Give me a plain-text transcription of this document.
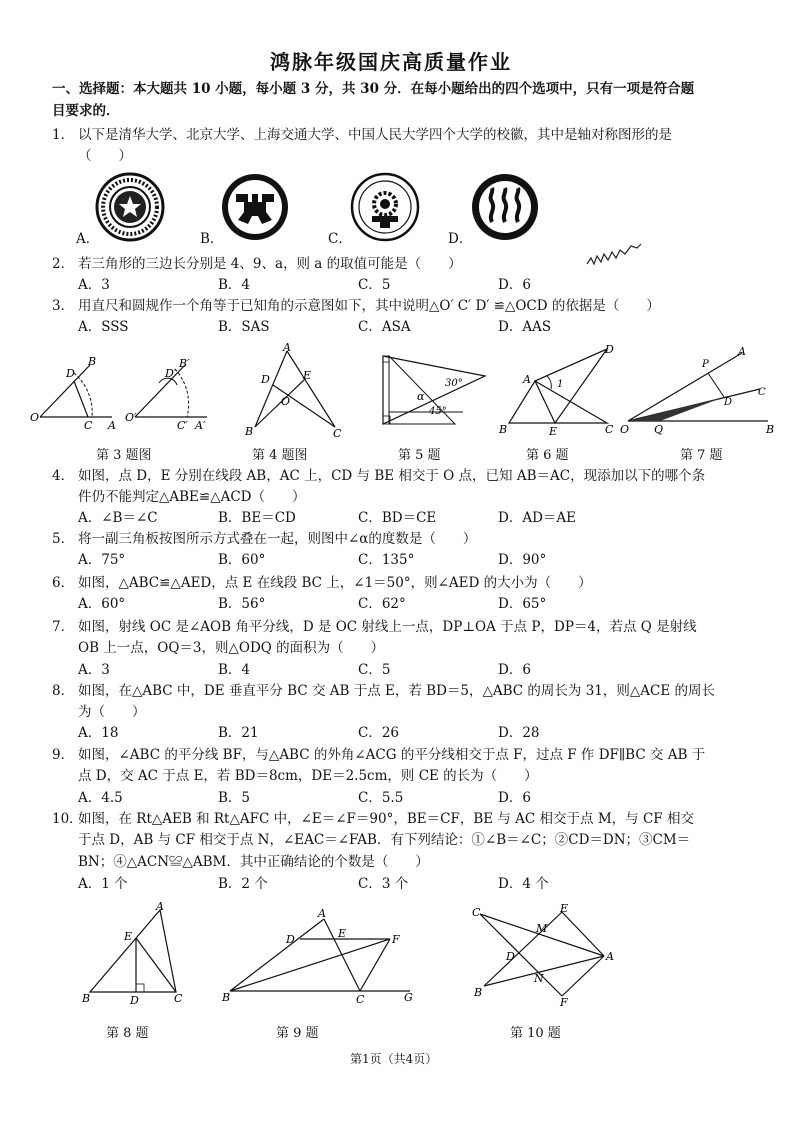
鸿脉年级国庆高质量作业
一、选择题：本大题共 10 小题，每小题 3 分，共 30 分．在每小题给出的四个选项中，只有一项是符合题
目要求的．
1． 以下是清华大学、北京大学、上海交通大学、中国人民大学四个大学的校徽，其中是轴对称图形的是
（　　）
A．	B．	C．	D．
2． 若三角形的三边长分别是 4、9、a，则 a 的取值可能是（　　）
A．3	B．4	C．5	D．6
3． 用直尺和圆规作一个角等于已知角的示意图如下，其中说明△O′ C′ D′ ≌△OCD 的依据是（　　）
A．SSS	B．SAS	C．ASA	D．AAS
D
B
O
C A
D′
B′
O′
C′ A′
A
D	E
O
B	C
30°
α
45°
A
D
1
B	E	C
A
P
C
D
O Q	B
第 3 题图	第 4 题图	第 5 题	第 6 题	第 7 题
4． 如图，点 D，E 分别在线段 AB，AC 上，CD 与 BE 相交于 O 点，已知 AB＝AC，现添加以下的哪个条
件仍不能判定△ABE≌△ACD（　　）
A．∠B＝∠C	B．BE＝CD	C．BD＝CE	D．AD＝AE
5． 将一副三角板按图所示方式叠在一起，则图中∠α的度数是（　　）
A．75°	B．60°	C．135°	D．90°
6． 如图，△ABC≌△AED，点 E 在线段 BC 上，∠1＝50°，则∠AED 的大小为（　　）
A．60°	B．56°	C．62°	D．65°
7． 如图，射线 OC 是∠AOB 角平分线，D 是 OC 射线上一点，DP⊥OA 于点 P，DP＝4，若点 Q 是射线
OB 上一点，OQ＝3，则△ODQ 的面积为（　　）
A．3	B．4	C．5	D．6
8． 如图，在△ABC 中，DE 垂直平分 BC 交 AB 于点 E，若 BD＝5，△ABC 的周长为 31，则△ACE 的周长
为（　　）
A．18	B．21	C．26	D．28
9． 如图，∠ABC 的平分线 BF，与△ABC 的外角∠ACG 的平分线相交于点 F，过点 F 作 DF∥BC 交 AB 于
点 D，交 AC 于点 E，若 BD＝8cm，DE＝2.5cm，则 CE 的长为（　　）
A．4.5	B．5	C．5.5	D．6
10．
如图，在 Rt△AEB 和 Rt△AFC 中，∠E＝∠F＝90°，BE＝CF，BE 与 AC 相交于点 M，与 CF 相交
于点 D，AB 与 CF 相交于点 N，∠EAC＝∠FAB．有下列结论：①∠B＝∠C；②CD＝DN；③CM＝
BN；④△ACN≌△ABM．其中正确结论的个数是（　　）
A．1 个	B．2 个	C．3 个	D．4 个
A
E
B	D	C
A
D	E	F
B	C	G
C	E
M
D	A
N
B
F
第 8 题	第 9 题	第 10 题
第1页（共4页）
